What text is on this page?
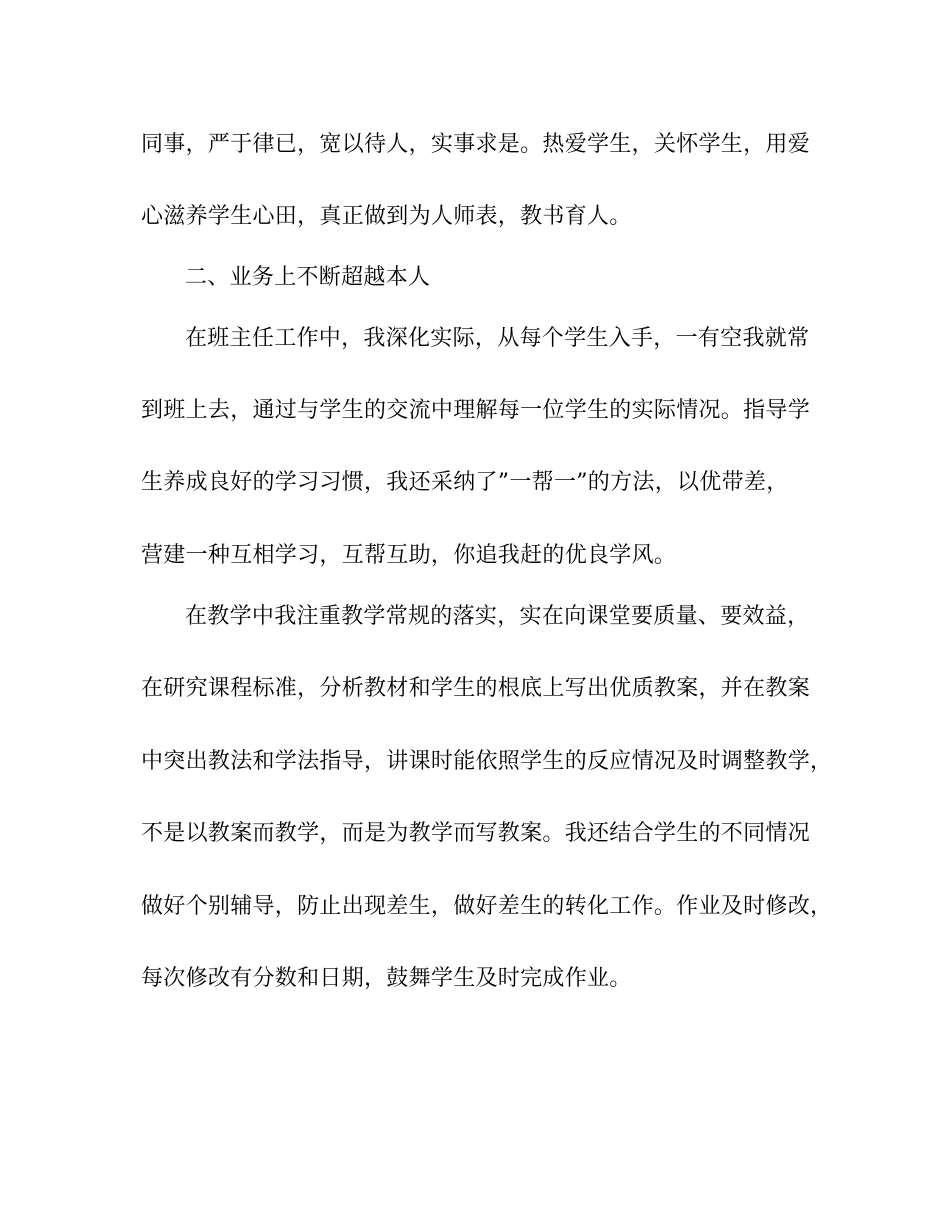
同事，严于律已，宽以待人，实事求是。热爱学生，关怀学生，用爱
心滋养学生心田，真正做到为人师表，教书育人。
二、业务上不断超越本人
在班主任工作中，我深化实际，从每个学生入手，一有空我就常
到班上去，通过与学生的交流中理解每一位学生的实际情况。指导学
生养成良好的学习习惯，我还采纳了”一帮一”的方法，以优带差，
营建一种互相学习，互帮互助，你追我赶的优良学风。
在教学中我注重教学常规的落实，实在向课堂要质量、要效益，
在研究课程标准，分析教材和学生的根底上写出优质教案，并在教案
中突出教法和学法指导，讲课时能依照学生的反应情况及时调整教学，
不是以教案而教学，而是为教学而写教案。我还结合学生的不同情况
做好个别辅导，防止出现差生，做好差生的转化工作。作业及时修改，
每次修改有分数和日期，鼓舞学生及时完成作业。
